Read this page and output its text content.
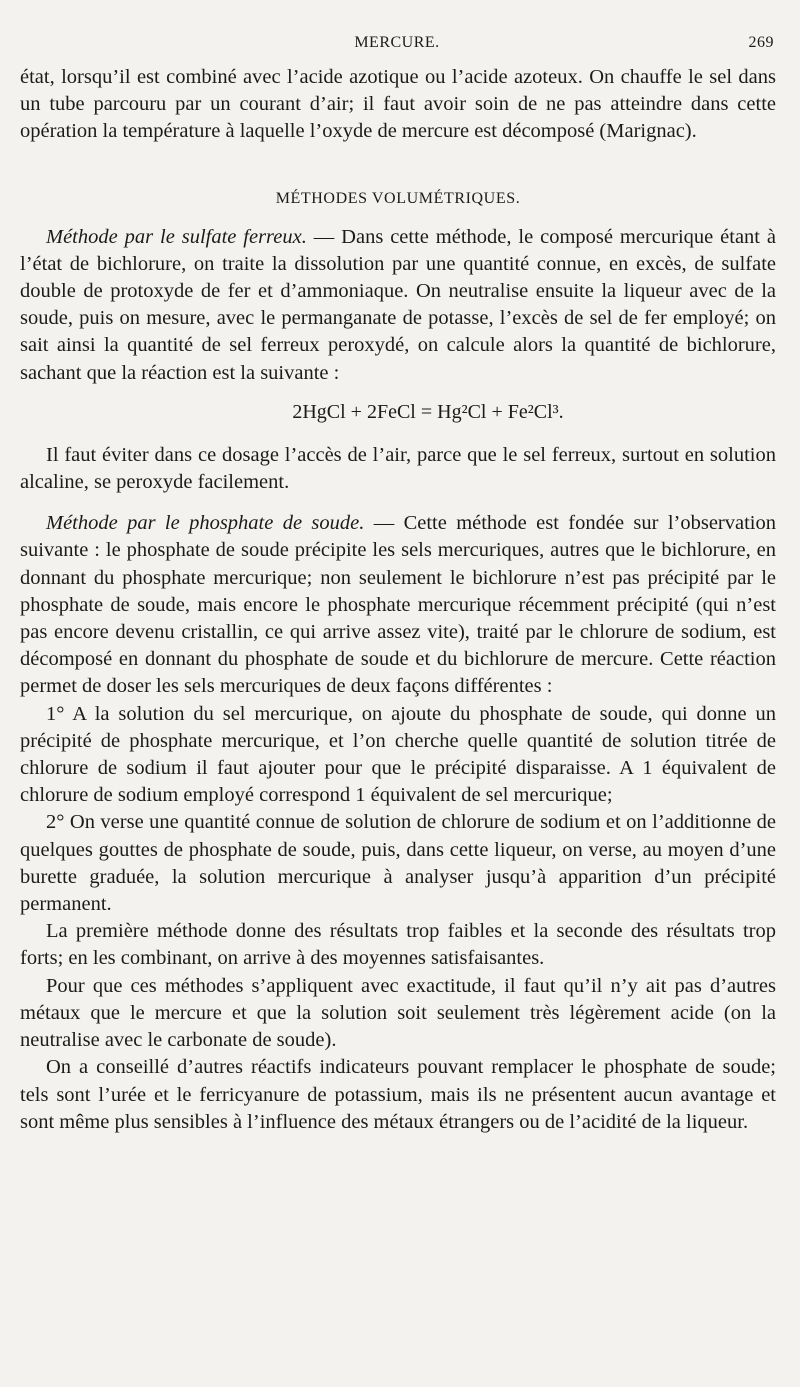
MERCURE.	269

état, lorsqu’il est combiné avec l’acide azotique ou l’acide azoteux. On chauffe le sel dans un tube parcouru par un courant d’air; il faut avoir soin de ne pas atteindre dans cette opération la température à laquelle l’oxyde de mercure est décomposé (Marignac).

MÉTHODES VOLUMÉTRIQUES.

Méthode par le sulfate ferreux. — Dans cette méthode, le composé mercurique étant à l’état de bichlorure, on traite la dissolution par une quantité connue, en excès, de sulfate double de protoxyde de fer et d’ammoniaque. On neutralise ensuite la liqueur avec de la soude, puis on mesure, avec le permanganate de potasse, l’excès de sel de fer employé; on sait ainsi la quantité de sel ferreux peroxydé, on calcule alors la quantité de bichlorure, sachant que la réaction est la suivante :

2HgCl + 2FeCl = Hg²Cl + Fe²Cl³.

Il faut éviter dans ce dosage l’accès de l’air, parce que le sel ferreux, surtout en solution alcaline, se peroxyde facilement.

Méthode par le phosphate de soude. — Cette méthode est fondée sur l’observation suivante : le phosphate de soude précipite les sels mercuriques, autres que le bichlorure, en donnant du phosphate mercurique; non seulement le bichlorure n’est pas précipité par le phosphate de soude, mais encore le phosphate mercurique récemment précipité (qui n’est pas encore devenu cristallin, ce qui arrive assez vite), traité par le chlorure de sodium, est décomposé en donnant du phosphate de soude et du bichlorure de mercure. Cette réaction permet de doser les sels mercuriques de deux façons différentes :

1° A la solution du sel mercurique, on ajoute du phosphate de soude, qui donne un précipité de phosphate mercurique, et l’on cherche quelle quantité de solution titrée de chlorure de sodium il faut ajouter pour que le précipité disparaisse. A 1 équivalent de chlorure de sodium employé correspond 1 équivalent de sel mercurique;

2° On verse une quantité connue de solution de chlorure de sodium et on l’additionne de quelques gouttes de phosphate de soude, puis, dans cette liqueur, on verse, au moyen d’une burette graduée, la solution mercurique à analyser jusqu’à apparition d’un précipité permanent.

La première méthode donne des résultats trop faibles et la seconde des résultats trop forts; en les combinant, on arrive à des moyennes satisfaisantes.

Pour que ces méthodes s’appliquent avec exactitude, il faut qu’il n’y ait pas d’autres métaux que le mercure et que la solution soit seulement très légèrement acide (on la neutralise avec le carbonate de soude).

On a conseillé d’autres réactifs indicateurs pouvant remplacer le phosphate de soude; tels sont l’urée et le ferricyanure de potassium, mais ils ne présentent aucun avantage et sont même plus sensibles à l’influence des métaux étrangers ou de l’acidité de la liqueur.
